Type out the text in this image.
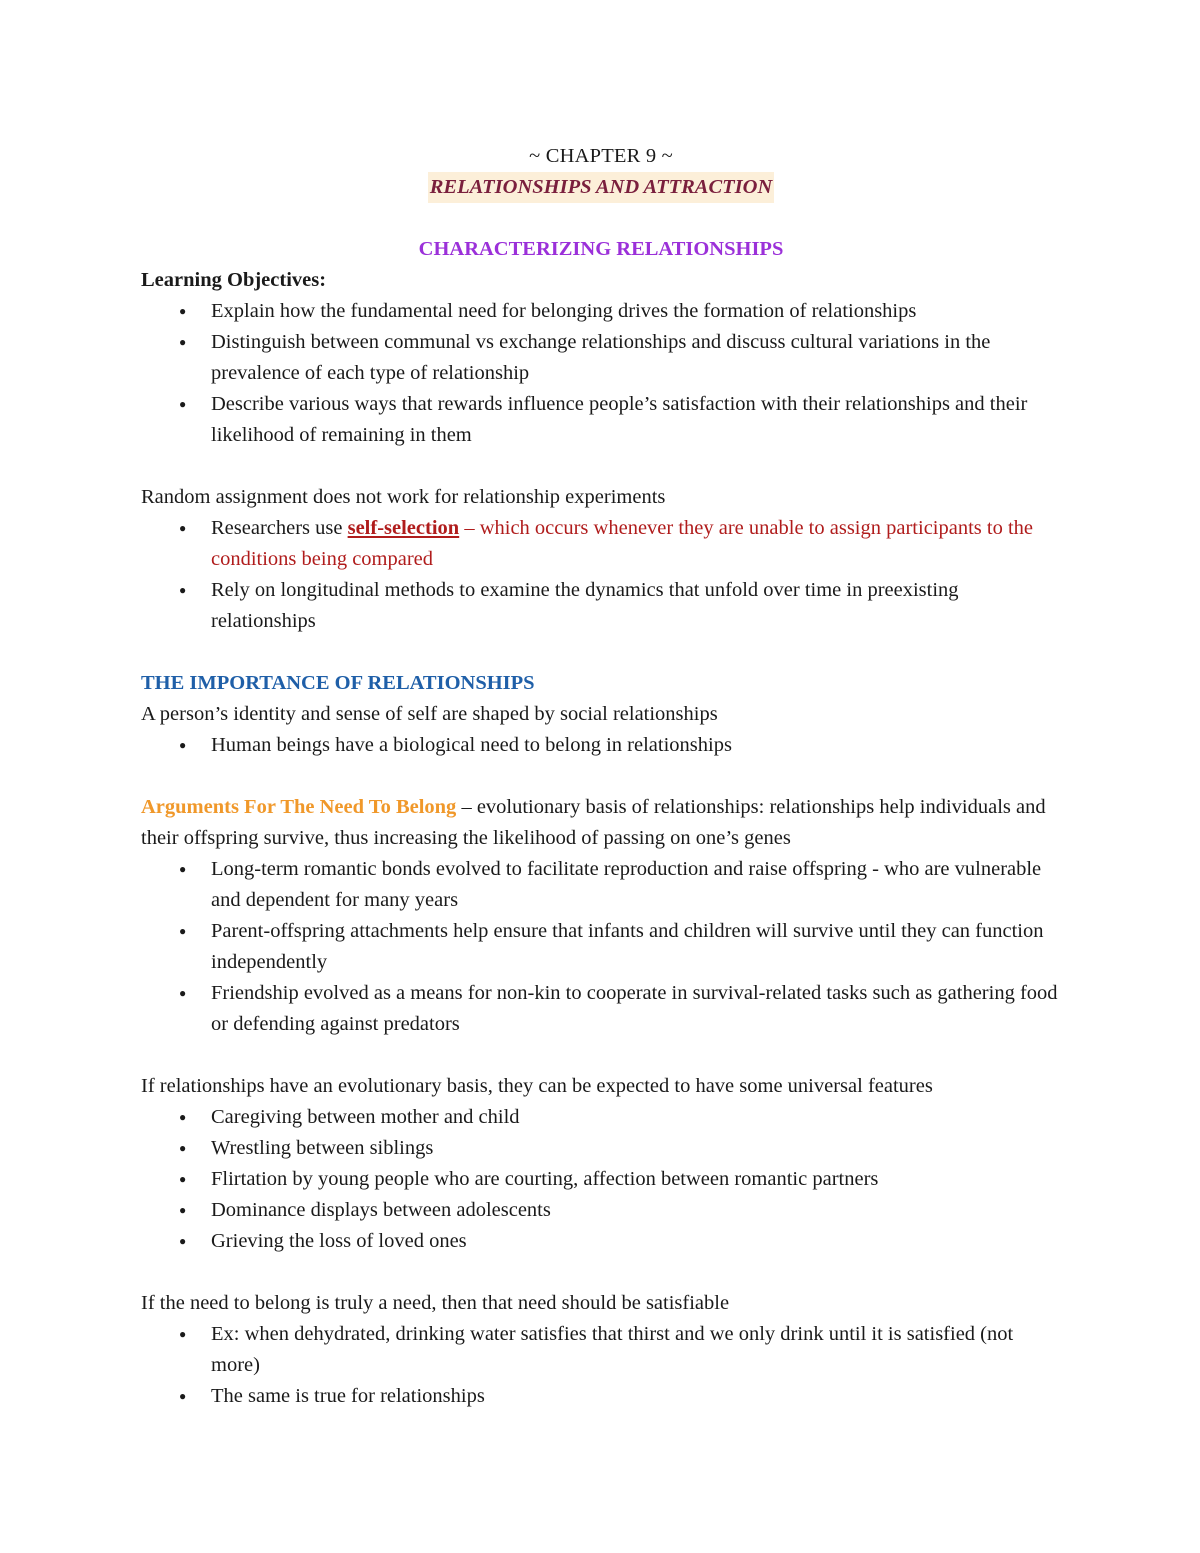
~ CHAPTER 9 ~
RELATIONSHIPS AND ATTRACTION
CHARACTERIZING RELATIONSHIPS
Learning Objectives:
● Explain how the fundamental need for belonging drives the formation of relationships
● Distinguish between communal vs exchange relationships and discuss cultural variations in the prevalence of each type of relationship
● Describe various ways that rewards influence people’s satisfaction with their relationships and their likelihood of remaining in them

Random assignment does not work for relationship experiments

● Researchers use self-selection – which occurs whenever they are unable to assign participants to the conditions being compared
● Rely on longitudinal methods to examine the dynamics that unfold over time in preexisting relationships
THE IMPORTANCE OF RELATIONSHIPS

A person’s identity and sense of self are shaped by social relationships

● Human beings have a biological need to belong in relationships

Arguments For The Need To Belong – evolutionary basis of relationships: relationships help individuals and their offspring survive, thus increasing the likelihood of passing on one’s genes

● Long-term romantic bonds evolved to facilitate reproduction and raise offspring - who are vulnerable and dependent for many years
● Parent-offspring attachments help ensure that infants and children will survive until they can function independently
● Friendship evolved as a means for non-kin to cooperate in survival-related tasks such as gathering food or defending against predators

If relationships have an evolutionary basis, they can be expected to have some universal features

● Caregiving between mother and child
● Wrestling between siblings
● Flirtation by young people who are courting, affection between romantic partners
● Dominance displays between adolescents
● Grieving the loss of loved ones

If the need to belong is truly a need, then that need should be satisfiable

● Ex: when dehydrated, drinking water satisfies that thirst and we only drink until it is satisfied (not more)
● The same is true for relationships
